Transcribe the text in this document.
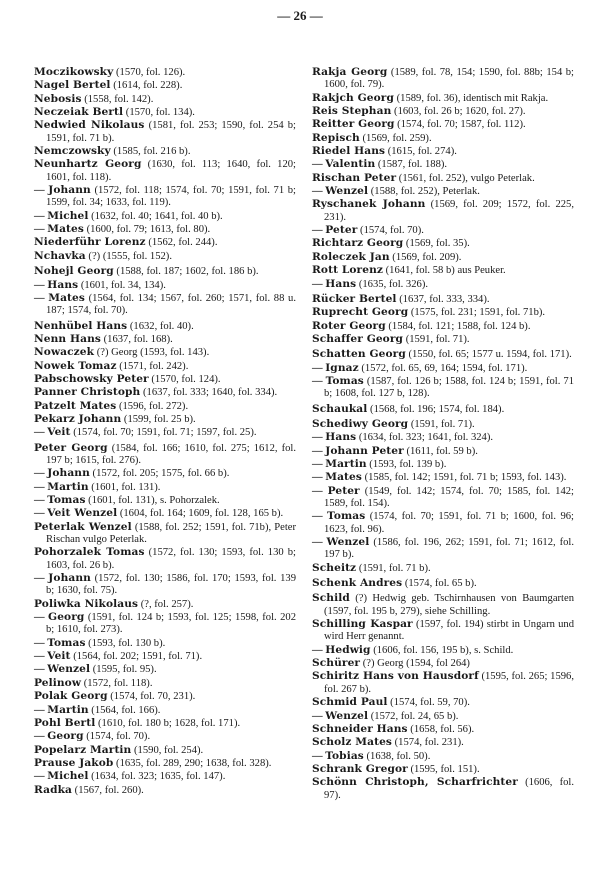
— 26 —

Moczikowsky (1570, fol. 126).

Nagel Bertel (1614, fol. 228).

Nebosis (1558, fol. 142).

Neczeiak Bertl (1570, fol. 134).

Nedwied Nikolaus (1581, fol. 253; 1590, fol. 254 b; 1591, fol. 71 b).

Nemczowsky (1585, fol. 216 b).

Neunhartz Georg (1630, fol. 113; 1640, fol. 120; 1601, fol. 118).

— Johann (1572, fol. 118; 1574, fol. 70; 1591, fol. 71 b; 1599, fol. 34; 1633, fol. 119).

— Michel (1632, fol. 40; 1641, fol. 40 b).

— Mates (1600, fol. 79; 1613, fol. 80).

Niederführ Lorenz (1562, fol. 244).

Nchavka (?) (1555, fol. 152).

Nohejl Georg (1588, fol. 187; 1602, fol. 186 b).

— Hans (1601, fol. 34, 134).

— Mates (1564, fol. 134; 1567, fol. 260; 1571, fol. 88 u. 187; 1574, fol. 70).

Nenhübel Hans (1632, fol. 40).

Nenn Hans (1637, fol. 168).

Nowaczek (?) Georg (1593, fol. 143).

Nowek Tomaz (1571, fol. 242).

Pabschowsky Peter (1570, fol. 124).

Panner Christoph (1637, fol. 333; 1640, fol. 334).

Patzelt Mates (1596, fol. 272).

Pekarz Johann (1599, fol. 25 b).

— Veit (1574, fol. 70; 1591, fol. 71; 1597, fol. 25).

Peter Georg (1584, fol. 166; 1610, fol. 275; 1612, fol. 197 b; 1615, fol. 276).

— Johann (1572, fol. 205; 1575, fol. 66 b).

— Martin (1601, fol. 131).

— Tomas (1601, fol. 131), s. Pohorzalek.

— Veit Wenzel (1604, fol. 164; 1609, fol. 128, 165 b).

Peterlak Wenzel (1588, fol. 252; 1591, fol. 71b), Peter Rischan vulgo Peterlak.

Pohorzalek Tomas (1572, fol. 130; 1593, fol. 130 b; 1603, fol. 26 b).

— Johann (1572, fol. 130; 1586, fol. 170; 1593, fol. 139 b; 1630, fol. 75).

Poliwka Nikolaus (?, fol. 257).

— Georg (1591, fol. 124 b; 1593, fol. 125; 1598, fol. 202 b; 1610, fol. 273).

— Tomas (1593, fol. 130 b).

— Veit (1564, fol. 202; 1591, fol. 71).

— Wenzel (1595, fol. 95).

Pelinow (1572, fol. 118).

Polak Georg (1574, fol. 70, 231).

— Martin (1564, fol. 166).

Pohl Bertl (1610, fol. 180 b; 1628, fol. 171).

— Georg (1574, fol. 70).

Popelarz Martin (1590, fol. 254).

Prause Jakob (1635, fol. 289, 290; 1638, fol. 328).

— Michel (1634, fol. 323; 1635, fol. 147).

Radka (1567, fol. 260).

Rakja Georg (1589, fol. 78, 154; 1590, fol. 88b; 154 b; 1600, fol. 79).

Rakjch Georg (1589, fol. 36), identisch mit Rakja.

Reis Stephan (1603, fol. 26 b; 1620, fol. 27).

Reitter Georg (1574, fol. 70; 1587, fol. 112).

Repisch (1569, fol. 259).

Riedel Hans (1615, fol. 274).

— Valentin (1587, fol. 188).

Rischan Peter (1561, fol. 252), vulgo Peterlak.

— Wenzel (1588, fol. 252), Peterlak.

Ryschanek Johann (1569, fol. 209; 1572, fol. 225, 231).

— Peter (1574, fol. 70).

Richtarz Georg (1569, fol. 35).

Roleczek Jan (1569, fol. 209).

Rott Lorenz (1641, fol. 58 b) aus Peuker.

— Hans (1635, fol. 326).

Rücker Bertel (1637, fol. 333, 334).

Ruprecht Georg (1575, fol. 231; 1591, fol. 71b).

Roter Georg (1584, fol. 121; 1588, fol. 124 b).

Schaffer Georg (1591, fol. 71).

Schatten Georg (1550, fol. 65; 1577 u. 1594, fol. 171).

— Ignaz (1572, fol. 65, 69, 164; 1594, fol. 171).

— Tomas (1587, fol. 126 b; 1588, fol. 124 b; 1591, fol. 71 b; 1608, fol. 127 b, 128).

Schaukal (1568, fol. 196; 1574, fol. 184).

Schediwy Georg (1591, fol. 71).

— Hans (1634, fol. 323; 1641, fol. 324).

— Johann Peter (1611, fol. 59 b).

— Martin (1593, fol. 139 b).

— Mates (1585, fol. 142; 1591, fol. 71 b; 1593, fol. 143).

— Peter (1549, fol. 142; 1574, fol. 70; 1585, fol. 142; 1589, fol. 154).

— Tomas (1574, fol. 70; 1591, fol. 71 b; 1600, fol. 96; 1623, fol. 96).

— Wenzel (1586, fol. 196, 262; 1591, fol. 71; 1612, fol. 197 b).

Scheitz (1591, fol. 71 b).

Schenk Andres (1574, fol. 65 b).

Schild (?) Hedwig geb. Tschirnhausen von Baumgarten (1597, fol. 195 b, 279), siehe Schilling.

Schilling Kaspar (1597, fol. 194) stirbt in Ungarn und wird Herr genannt.

— Hedwig (1606, fol. 156, 195 b), s. Schild.

Schürer (?) Georg (1594, fol 264)

Schiritz Hans von Hausdorf (1595, fol. 265; 1596, fol. 267 b).

Schmid Paul (1574, fol. 59, 70).

— Wenzel (1572, fol. 24, 65 b).

Schneider Hans (1658, fol. 56).

Scholz Mates (1574, fol. 231).

— Tobias (1638, fol. 50).

Schrank Gregor (1595, fol. 151).

Schönn Christoph, Scharfrichter (1606, fol. 97).
